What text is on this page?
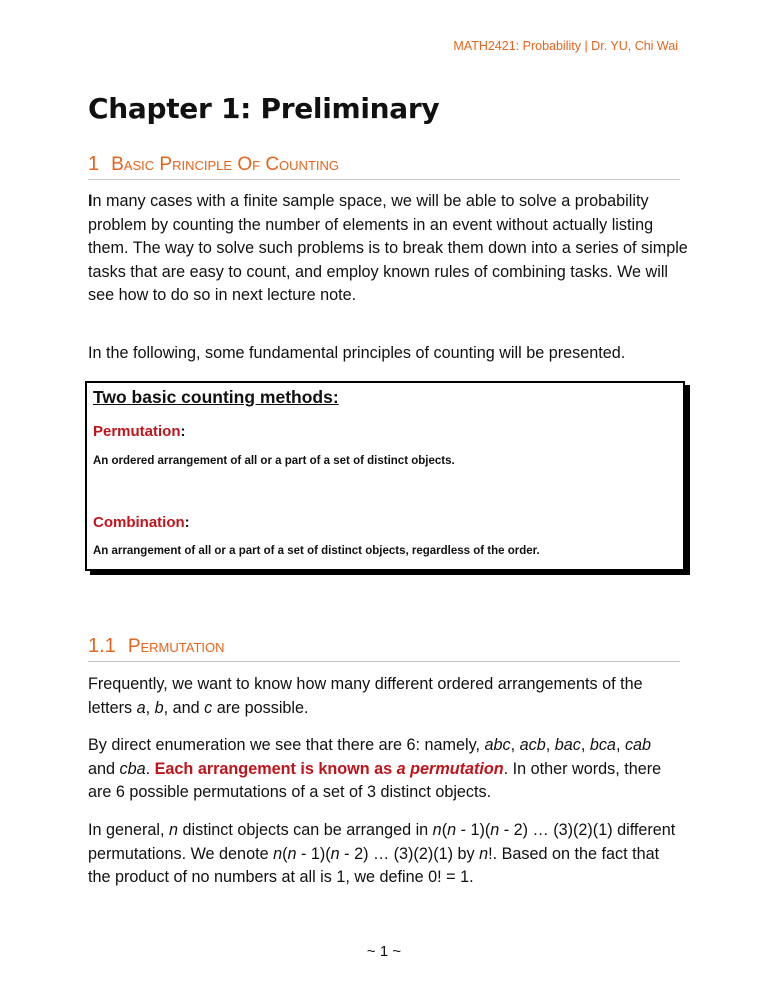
MATH2421: Probability | Dr. YU, Chi Wai
Chapter 1: Preliminary
1 Basic Principle Of Counting

In many cases with a finite sample space, we will be able to solve a probability problem by counting the number of elements in an event without actually listing them. The way to solve such problems is to break them down into a series of simple tasks that are easy to count, and employ known rules of combining tasks. We will see how to do so in next lecture note.

In the following, some fundamental principles of counting will be presented.

Two basic counting methods:

Permutation:

An ordered arrangement of all or a part of a set of distinct objects.

Combination:

An arrangement of all or a part of a set of distinct objects, regardless of the order.

1.1 Permutation

Frequently, we want to know how many different ordered arrangements of the letters a, b, and c are possible.

By direct enumeration we see that there are 6: namely, abc, acb, bac, bca, cab and cba. Each arrangement is known as a permutation. In other words, there are 6 possible permutations of a set of 3 distinct objects.

In general, n distinct objects can be arranged in n(n - 1)(n - 2) … (3)(2)(1) different permutations. We denote n(n - 1)(n - 2) … (3)(2)(1) by n!. Based on the fact that the product of no numbers at all is 1, we define 0! = 1.

~ 1 ~
